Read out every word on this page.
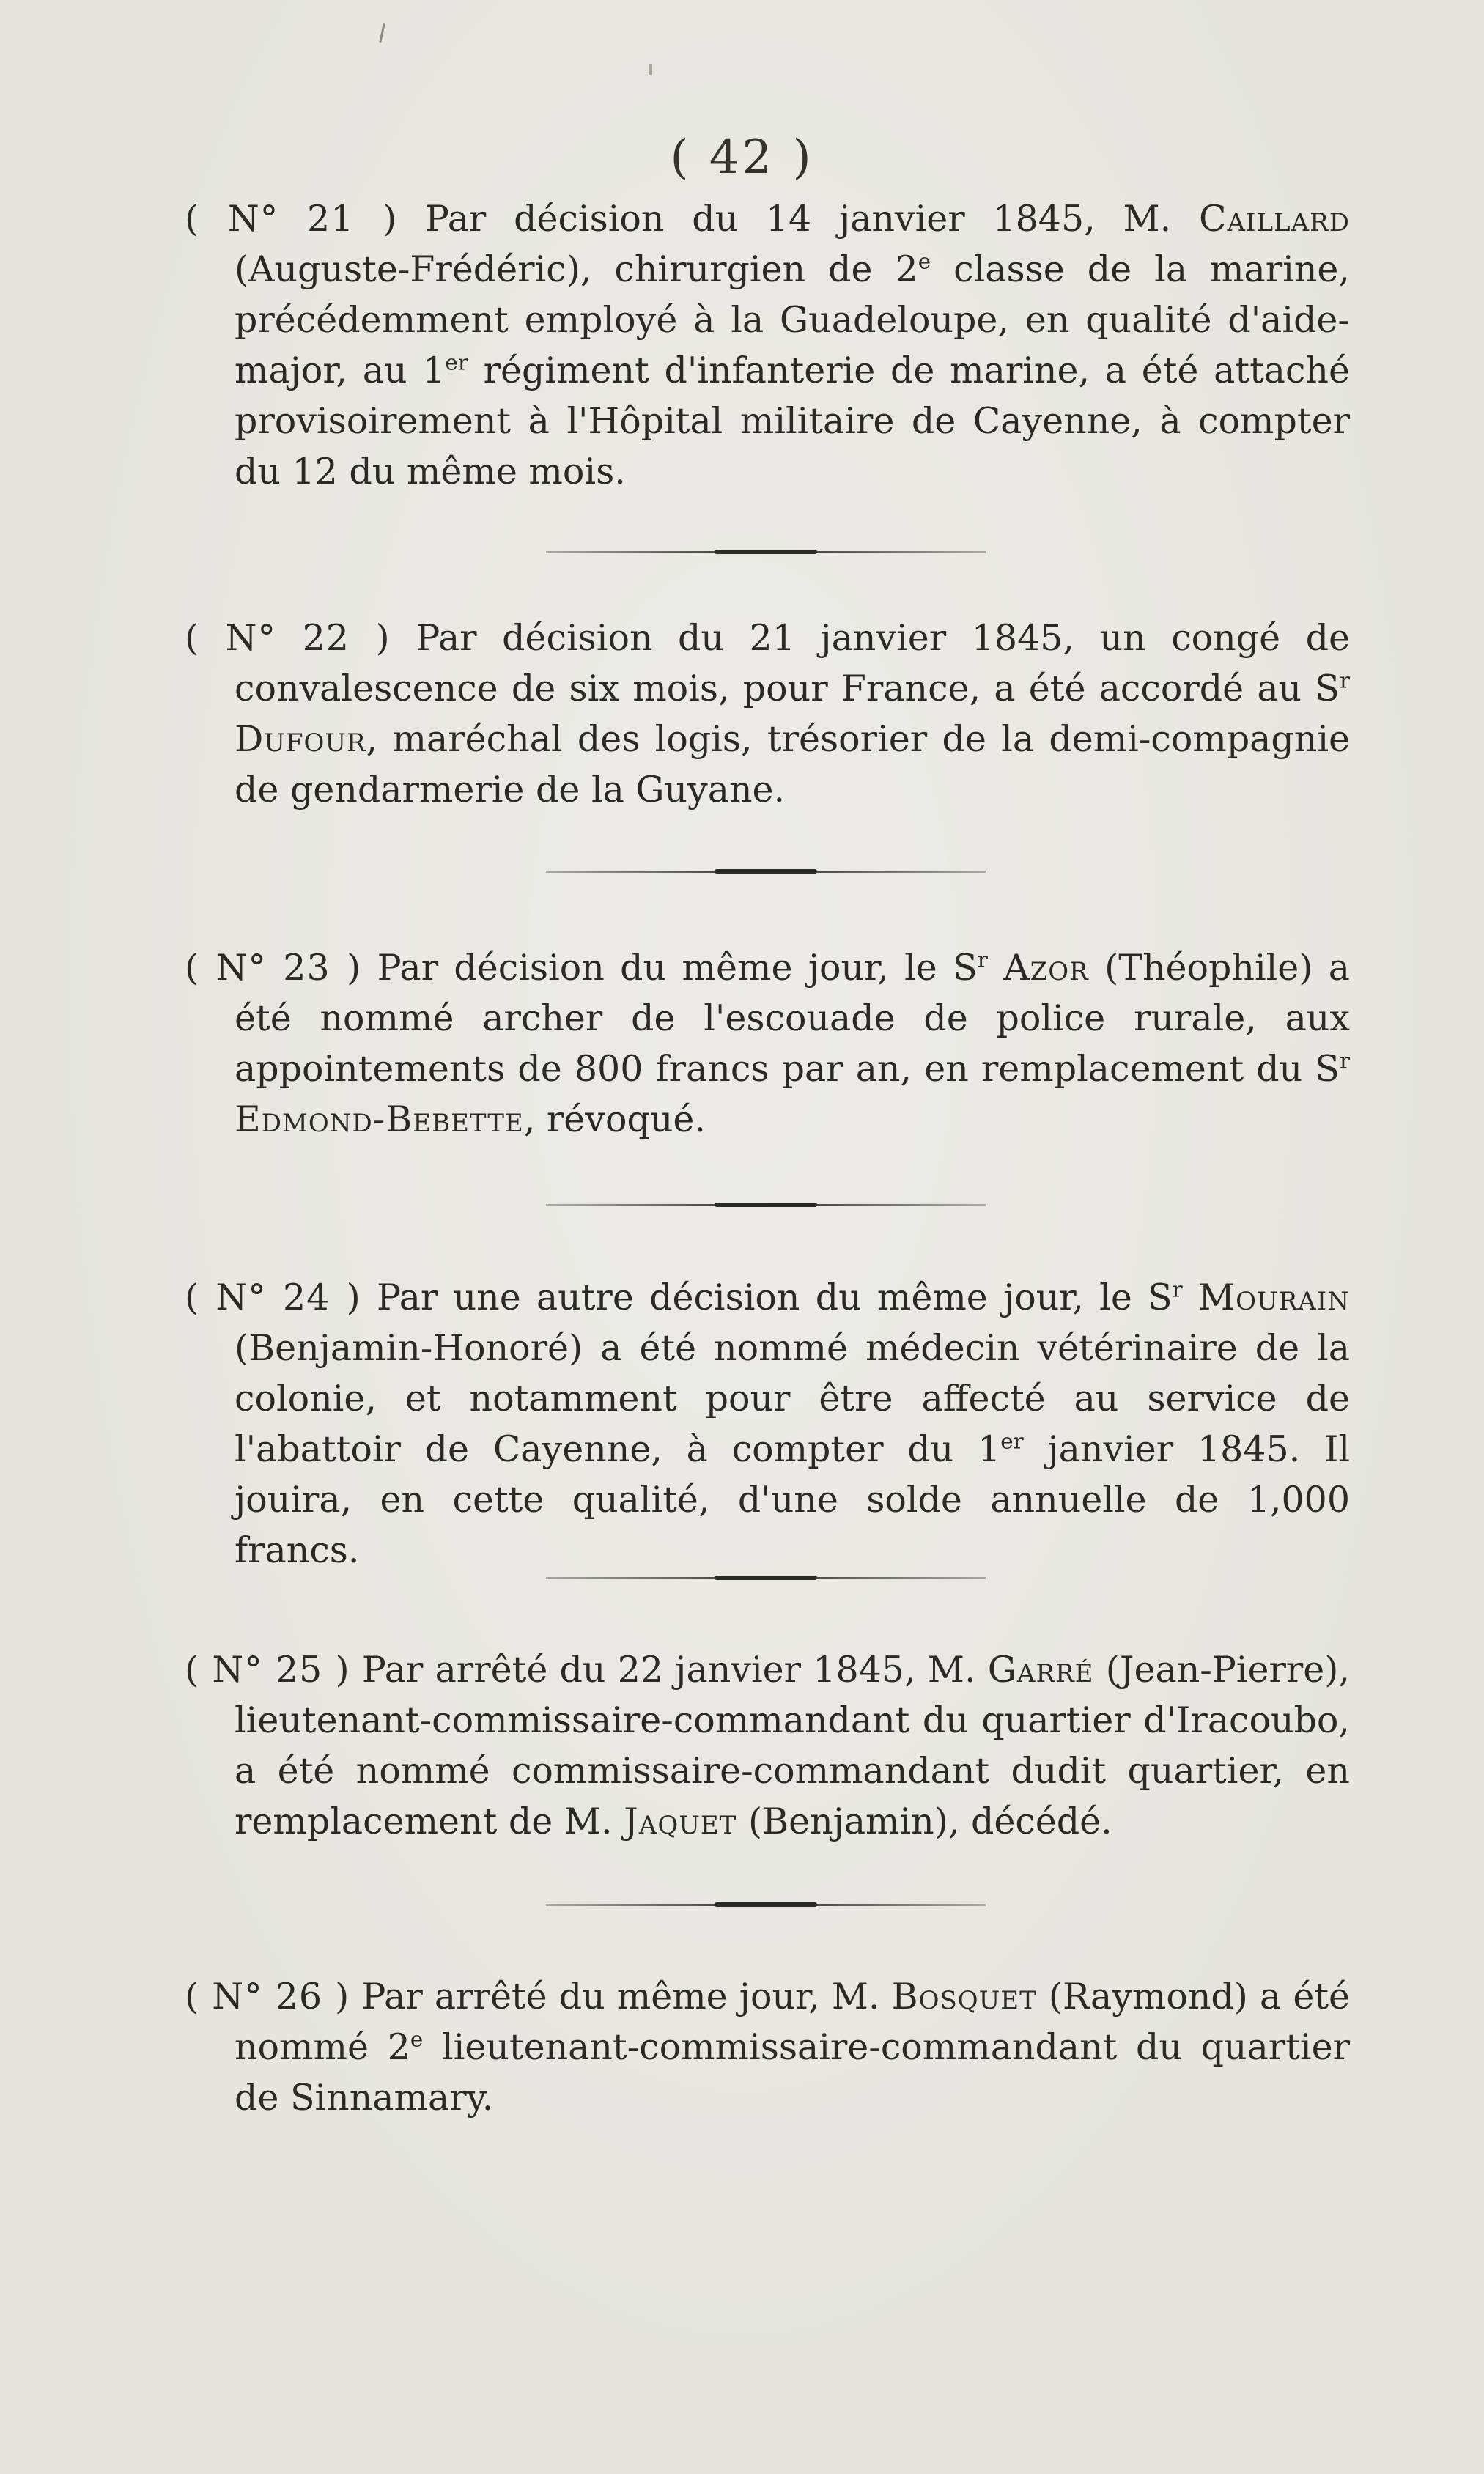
( 42 )

( N° 21 ) Par décision du 14 janvier 1845, M. Caillard (Auguste-Frédéric), chirurgien de 2e classe de la marine, précédemment employé à la Guadeloupe, en qualité d'aide-major, au 1er régiment d'infanterie de marine, a été attaché provisoirement à l'Hôpital militaire de Cayenne, à compter du 12 du même mois.

( N° 22 ) Par décision du 21 janvier 1845, un congé de convalescence de six mois, pour France, a été accordé au $S^r$ Dufour, maréchal des logis, trésorier de la demi-compagnie de gendarmerie de la Guyane.

( N° 23 ) Par décision du même jour, le $S^r$ Azor (Théophile) a été nommé archer de l'escouade de police rurale, aux appointements de 800 francs par an, en remplacement du $S^r$ Edmond-Bebette, révoqué.

( N° 24 ) Par une autre décision du même jour, le $S^r$ Mourain (Benjamin-Honoré) a été nommé médecin vétérinaire de la colonie, et notamment pour être affecté au service de l'abattoir de Cayenne, à compter du 1er janvier 1845. Il jouira, en cette qualité, d'une solde annuelle de 1,000 francs.

( N° 25 ) Par arrêté du 22 janvier 1845, M. Garré (Jean-Pierre), lieutenant-commissaire-commandant du quartier d'Iracoubo, a été nommé commissaire-commandant dudit quartier, en remplacement de M. Jaquet (Benjamin), décédé.

( N° 26 ) Par arrêté du même jour, M. Bosquet (Raymond) a été nommé 2e lieutenant-commissaire-commandant du quartier de Sinnamary.
